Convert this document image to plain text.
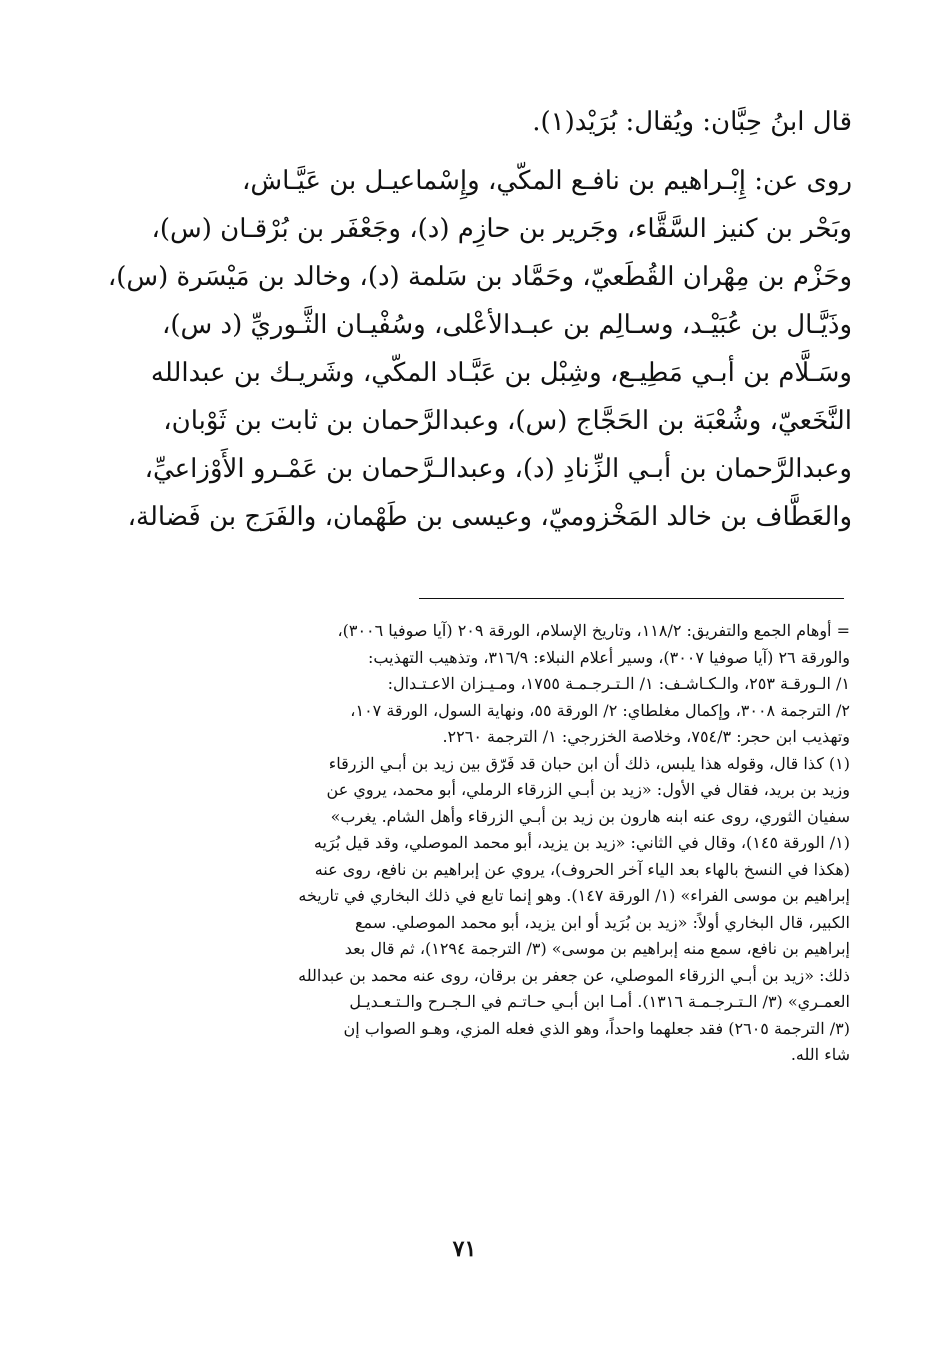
قال ابنُ حِبَّان: ويُقال: بُرَيْد(١).
روى عن: إِبْـراهيم بن نافـع المكّي، وإِسْماعيـل بن عَيَّـاش،
وبَحْر بن كنيز السَّقَّاء، وجَرير بن حازِم (د)، وجَعْفَر بن بُرْقـان (س)،
وحَزْم بن مِهْران القُطَعيّ، وحَمَّاد بن سَلمة (د)، وخالد بن مَيْسَرة (س)،
وذَيَّـال بن عُبَيْـد، وسـالِم بن عبـدالأعْلى، وسُفْيـان الثَّـوريِّ (د س)،
وسَـلَّام بن أبـي مَطِيـع، وشِبْل بن عَبَّـاد المكّي، وشَريـك بن عبدالله
النَّخَعيّ، وشُعْبَة بن الحَجَّاج (س)، وعبدالرَّحمان بن ثابت بن ثَوْبان،
وعبدالرَّحمان بن أبـي الزِّنادِ (د)، وعبدالـرَّحمان بن عَمْـرو الأَوْزاعيِّ،
والعَطَّاف بن خالد المَخْزوميّ، وعيسى بن طَهْمان، والفَرَج بن فَضالة،
= أوهام الجمع والتفريق: ١١٨/٢، وتاريخ الإسلام، الورقة ٢٠٩ (آيا صوفيا ٣٠٠٦)،
والورقة ٢٦ (آيا صوفيا ٣٠٠٧)، وسير أعلام النبلاء: ٣١٦/٩، وتذهيب التهذيب:
١/ الـورقـة ٢٥٣، والـكـاشـف: ١/ الـتـرجـمـة ١٧٥٥، ومـيـزان الاعـتـدال:
٢/ الترجمة ٣٠٠٨، وإكمال مغلطاي: ٢/ الورقة ٥٥، ونهاية السول، الورقة ١٠٧،
وتهذيب ابن حجر: ٧٥٤/٣، وخلاصة الخزرجي: ١/ الترجمة ٢٢٦٠.
(١) كذا قال، وقوله هذا يلبس، ذلك أن ابن حبان قد فَرّق بين زيد بن أبـي الزرقاء
وزيد بن بريد، فقال في الأول: «زيد بن أبـي الزرقاء الرملي، أبو محمد، يروي عن
سفيان الثوري، روى عنه ابنه هارون بن زيد بن أبـي الزرقاء وأهل الشام. يغرب»
(١/ الورقة ١٤٥)، وقال في الثاني: «زيد بن يزيد، أبو محمد الموصلي، وقد قيل بُرَيه
(هكذا في النسخ بالهاء بعد الياء آخر الحروف)، يروي عن إبراهيم بن نافع، روى عنه
إبراهيم بن موسى الفراء» (١/ الورقة ١٤٧). وهو إنما تابع في ذلك البخاري في تاريخه
الكبير، قال البخاري أولاً: «زيد بن بُرَيد أو ابن يزيد، أبو محمد الموصلي. سمع
إبراهيم بن نافع، سمع منه إبراهيم بن موسى» (٣/ الترجمة ١٢٩٤)، ثم قال بعد
ذلك: «زيد بن أبـي الزرقاء الموصلي، عن جعفر بن برقان، روى عنه محمد بن عبدالله
العمـري» (٣/ الـتـرجـمـة ١٣١٦). أمـا ابن أبـي حـاتـم في الـجـرح والـتـعـديـل
(٣/ الترجمة ٢٦٠٥) فقد جعلهما واحداً، وهو الذي فعله المزي، وهـو الصواب إن
شاء الله.
٧١
